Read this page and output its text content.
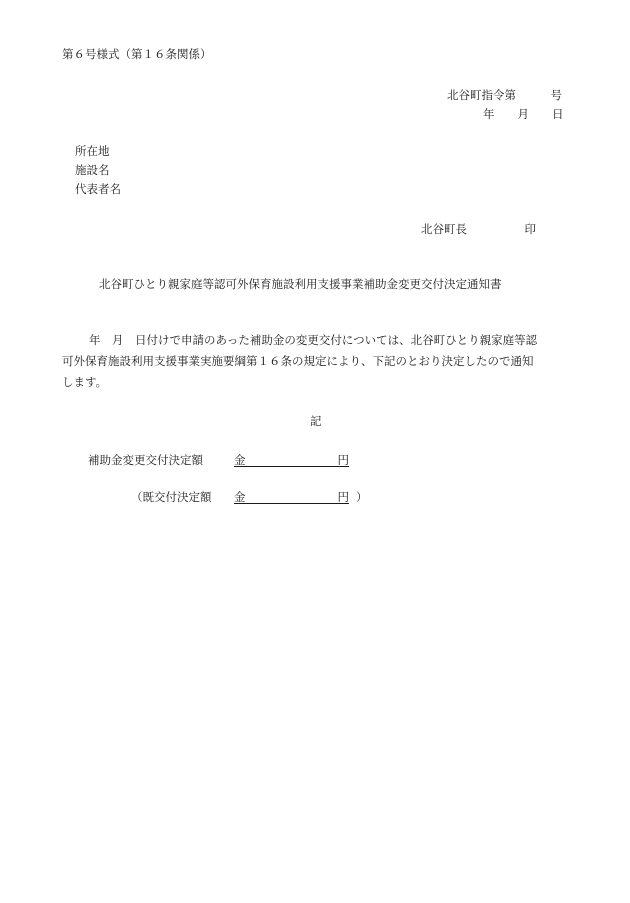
第６号様式（第１６条関係）
北谷町指令第　　　号
年　　月　　日
所在地
施設名
代表者名
北谷町長　　　　　印
北谷町ひとり親家庭等認可外保育施設利用支援事業補助金変更交付決定通知書
年　月　日付けで申請のあった補助金の変更交付については、北谷町ひとり親家庭等認
可外保育施設利用支援事業実施要綱第１６条の規定により、下記のとおり決定したので通知
します。
記
補助金変更交付決定額	金　　　　　　　　円
（既交付決定額 金　　　　　　　　円 ）
